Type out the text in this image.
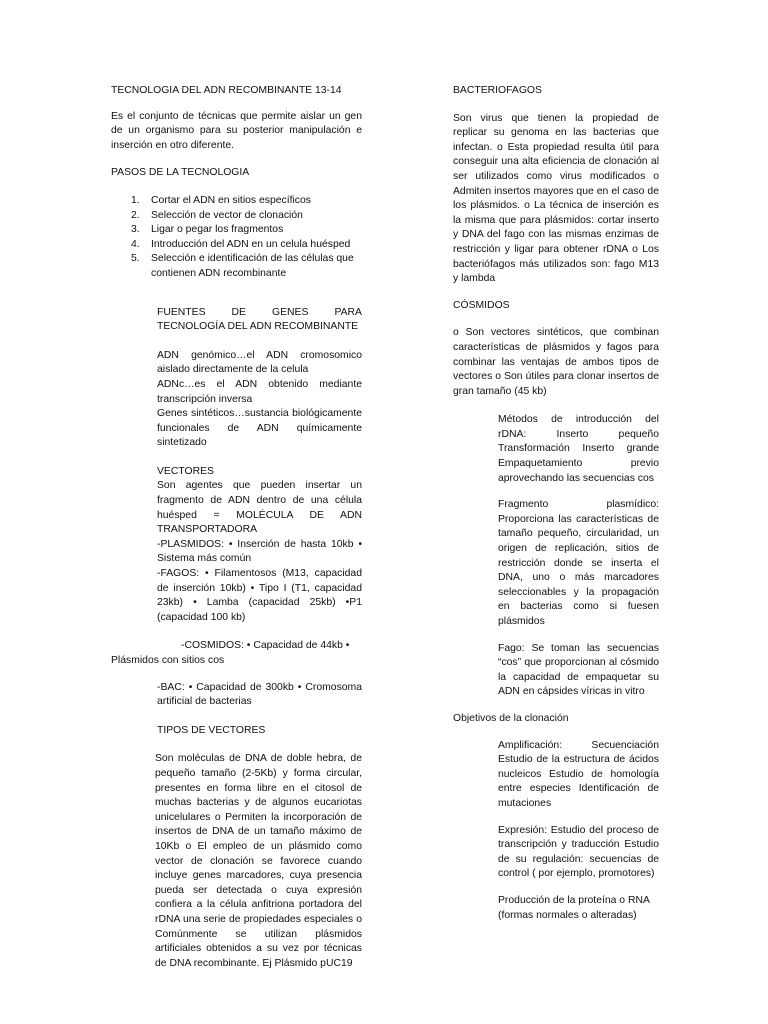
TECNOLOGIA DEL ADN RECOMBINANTE 13-14

Es el conjunto de técnicas que permite aislar un gen de un organismo para su posterior manipulación e inserción en otro diferente.

PASOS DE LA TECNOLOGIA

1.	Cortar el ADN en sitios específicos
2.	Selección de vector de clonación
3.	Ligar o pegar los fragmentos
4.	Introducción del ADN en un celula huésped
5.	Selección e identificación de las células que contienen ADN recombinante

FUENTES DE GENES PARA TECNOLOGÍA DEL ADN RECOMBINANTE

ADN genómico…el ADN cromosomico aislado directamente de la celula
ADNc…es el ADN obtenido mediante transcripción inversa
Genes sintéticos…sustancia biológicamente funcionales de ADN químicamente sintetizado

VECTORES

Son agentes que pueden insertar un fragmento de ADN dentro de una célula huésped = MOLÉCULA DE ADN TRANSPORTADORA

-PLASMIDOS: • Inserción de hasta 10kb • Sistema más común

-FAGOS: • Filamentosos (M13, capacidad de inserción 10kb) • Tipo I (T1, capacidad 23kb) • Lamba (capacidad 25kb) •P1 (capacidad 100 kb)

-COSMIDOS: • Capacidad de 44kb •
Plásmidos con sitios cos

-BAC: • Capacidad de 300kb • Cromosoma artificial de bacterias

TIPOS DE VECTORES

Son moléculas de DNA de doble hebra, de pequeño tamaño (2-5Kb) y forma circular, presentes en forma libre en el citosol de muchas bacterias y de algunos eucariotas unicelulares o Permiten la incorporación de insertos de DNA de un tamaño máximo de 10Kb o El empleo de un plásmido como vector de clonación se favorece cuando incluye genes marcadores, cuya presencia pueda ser detectada o cuya expresión confiera a la célula anfitriona portadora del rDNA una serie de propiedades especiales o Comúnmente se utilizan plásmidos artificiales obtenidos a su vez por técnicas de DNA recombinante. Ej Plásmido pUC19

BACTERIOFAGOS

Son virus que tienen la propiedad de replicar su genoma en las bacterias que infectan. o Esta propiedad resulta útil para conseguir una alta eficiencia de clonación al ser utilizados como virus modificados o Admiten insertos mayores que en el caso de los plásmidos. o La técnica de inserción es la misma que para plásmidos: cortar inserto y DNA del fago con las mismas enzimas de restricción y ligar para obtener rDNA o Los bacteriófagos más utilizados son: fago M13 y lambda

CÓSMIDOS

o Son vectores sintéticos, que combinan características de plásmidos y fagos para combinar las ventajas de ambos tipos de vectores o Son útiles para clonar insertos de gran tamaño (45 kb)

Métodos de introducción del rDNA: Inserto pequeño Transformación Inserto grande Empaquetamiento previo aprovechando las secuencias cos

Fragmento plasmídico: Proporciona las características de tamaño pequeño, circularidad, un origen de replicación, sitios de restricción donde se inserta el DNA, uno o más marcadores seleccionables y la propagación en bacterias como si fuesen plásmidos

Fago: Se toman las secuencias “cos” que proporcionan al cósmido la capacidad de empaquetar su ADN en cápsides víricas in vitro

Objetivos de la clonación

Amplificación: Secuenciación Estudio de la estructura de ácidos nucleicos Estudio de homología entre especies Identificación de mutaciones

Expresión: Estudio del proceso de transcripción y traducción Estudio de su regulación: secuencias de control ( por ejemplo, promotores)

Producción de la proteína o RNA (formas normales o alteradas)
